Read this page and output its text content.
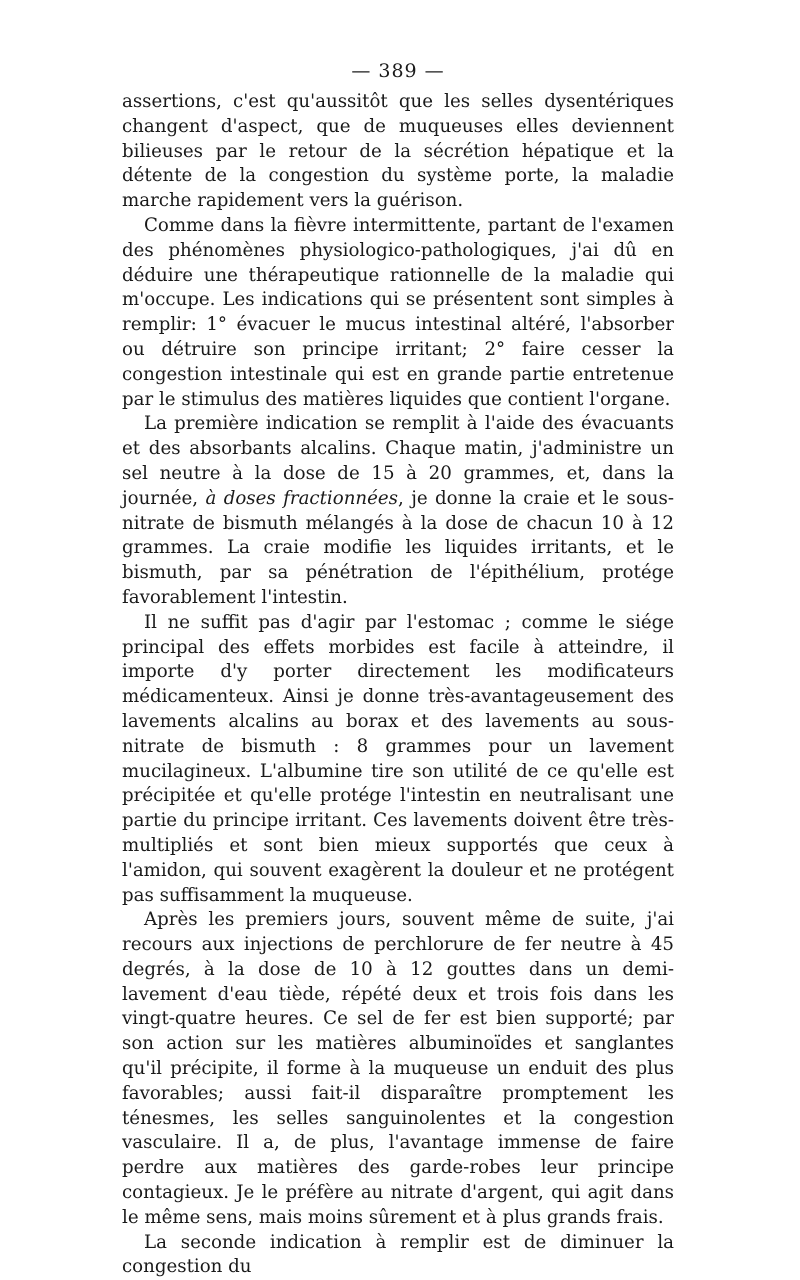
— 389 —

assertions, c'est qu'aussitôt que les selles dysentériques changent d'aspect, que de muqueuses elles deviennent bilieuses par le retour de la sécrétion hépatique et la détente de la congestion du système porte, la maladie marche rapidement vers la guérison.

Comme dans la fièvre intermittente, partant de l'examen des phénomènes physiologico-pathologiques, j'ai dû en déduire une thérapeutique rationnelle de la maladie qui m'occupe. Les indications qui se présentent sont simples à remplir: 1° évacuer le mucus intestinal altéré, l'absorber ou détruire son principe irritant; 2° faire cesser la congestion intestinale qui est en grande partie entretenue par le stimulus des matières liquides que contient l'organe.

La première indication se remplit à l'aide des évacuants et des absorbants alcalins. Chaque matin, j'administre un sel neutre à la dose de 15 à 20 grammes, et, dans la journée, à doses fractionnées, je donne la craie et le sous-nitrate de bismuth mélangés à la dose de chacun 10 à 12 grammes. La craie modifie les liquides irritants, et le bismuth, par sa pénétration de l'épithélium, protége favorablement l'intestin.

Il ne suffit pas d'agir par l'estomac ; comme le siége principal des effets morbides est facile à atteindre, il importe d'y porter directement les modificateurs médicamenteux. Ainsi je donne très-avantageusement des lavements alcalins au borax et des lavements au sous-nitrate de bismuth : 8 grammes pour un lavement mucilagineux. L'albumine tire son utilité de ce qu'elle est précipitée et qu'elle protége l'intestin en neutralisant une partie du principe irritant. Ces lavements doivent être très-multipliés et sont bien mieux supportés que ceux à l'amidon, qui souvent exagèrent la douleur et ne protégent pas suffisamment la muqueuse.

Après les premiers jours, souvent même de suite, j'ai recours aux injections de perchlorure de fer neutre à 45 degrés, à la dose de 10 à 12 gouttes dans un demi-lavement d'eau tiède, répété deux et trois fois dans les vingt-quatre heures. Ce sel de fer est bien supporté; par son action sur les matières albuminoïdes et sanglantes qu'il précipite, il forme à la muqueuse un enduit des plus favorables; aussi fait-il disparaître promptement les ténesmes, les selles sanguinolentes et la congestion vasculaire. Il a, de plus, l'avantage immense de faire perdre aux matières des garde-robes leur principe contagieux. Je le préfère au nitrate d'argent, qui agit dans le même sens, mais moins sûrement et à plus grands frais.

La seconde indication à remplir est de diminuer la congestion du
